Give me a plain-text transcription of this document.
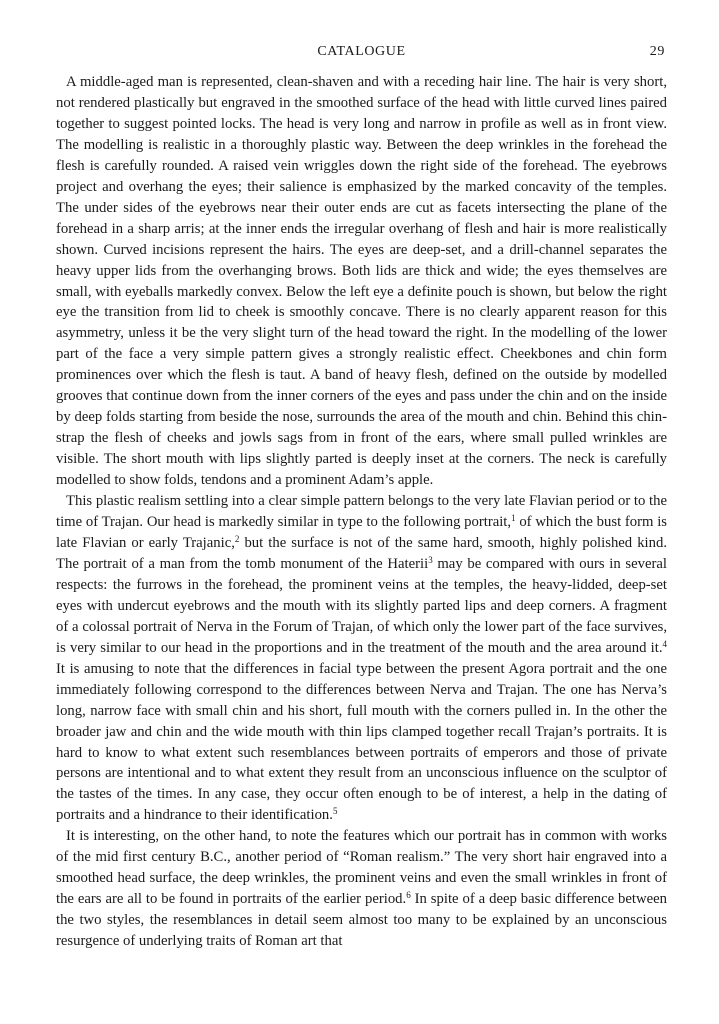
CATALOGUE	29

A middle-aged man is represented, clean-shaven and with a receding hair line. The hair is very short, not rendered plastically but engraved in the smoothed surface of the head with little curved lines paired together to suggest pointed locks. The head is very long and narrow in profile as well as in front view. The modelling is realistic in a thoroughly plastic way. Between the deep wrinkles in the forehead the flesh is carefully rounded. A raised vein wriggles down the right side of the forehead. The eyebrows project and overhang the eyes; their salience is emphasized by the marked concavity of the temples. The under sides of the eyebrows near their outer ends are cut as facets intersecting the plane of the forehead in a sharp arris; at the inner ends the irregular overhang of flesh and hair is more realistically shown. Curved incisions represent the hairs. The eyes are deep-set, and a drill-channel separates the heavy upper lids from the overhanging brows. Both lids are thick and wide; the eyes themselves are small, with eyeballs markedly convex. Below the left eye a definite pouch is shown, but below the right eye the transition from lid to cheek is smoothly concave. There is no clearly apparent reason for this asymmetry, unless it be the very slight turn of the head toward the right. In the modelling of the lower part of the face a very simple pattern gives a strongly realistic effect. Cheekbones and chin form prominences over which the flesh is taut. A band of heavy flesh, defined on the outside by modelled grooves that continue down from the inner corners of the eyes and pass under the chin and on the inside by deep folds starting from beside the nose, surrounds the area of the mouth and chin. Behind this chin-strap the flesh of cheeks and jowls sags from in front of the ears, where small pulled wrinkles are visible. The short mouth with lips slightly parted is deeply inset at the corners. The neck is carefully modelled to show folds, tendons and a prominent Adam’s apple.

This plastic realism settling into a clear simple pattern belongs to the very late Flavian period or to the time of Trajan. Our head is markedly similar in type to the following portrait,$^1$ of which the bust form is late Flavian or early Trajanic,$^2$ but the surface is not of the same hard, smooth, highly polished kind. The portrait of a man from the tomb monument of the Haterii$^3$ may be compared with ours in several respects: the furrows in the forehead, the prominent veins at the temples, the heavy-lidded, deep-set eyes with undercut eyebrows and the mouth with its slightly parted lips and deep corners. A fragment of a colossal portrait of Nerva in the Forum of Trajan, of which only the lower part of the face survives, is very similar to our head in the proportions and in the treatment of the mouth and the area around it.$^4$ It is amusing to note that the differences in facial type between the present Agora portrait and the one immediately following correspond to the differences between Nerva and Trajan. The one has Nerva’s long, narrow face with small chin and his short, full mouth with the corners pulled in. In the other the broader jaw and chin and the wide mouth with thin lips clamped together recall Trajan’s portraits. It is hard to know to what extent such resemblances between portraits of emperors and those of private persons are intentional and to what extent they result from an unconscious influence on the sculptor of the tastes of the times. In any case, they occur often enough to be of interest, a help in the dating of portraits and a hindrance to their identification.$^5$

It is interesting, on the other hand, to note the features which our portrait has in common with works of the mid first century B.C., another period of “Roman realism.” The very short hair engraved into a smoothed head surface, the deep wrinkles, the prominent veins and even the small wrinkles in front of the ears are all to be found in portraits of the earlier period.$^6$ In spite of a deep basic difference between the two styles, the resemblances in detail seem almost too many to be explained by an unconscious resurgence of underlying traits of Roman art that
